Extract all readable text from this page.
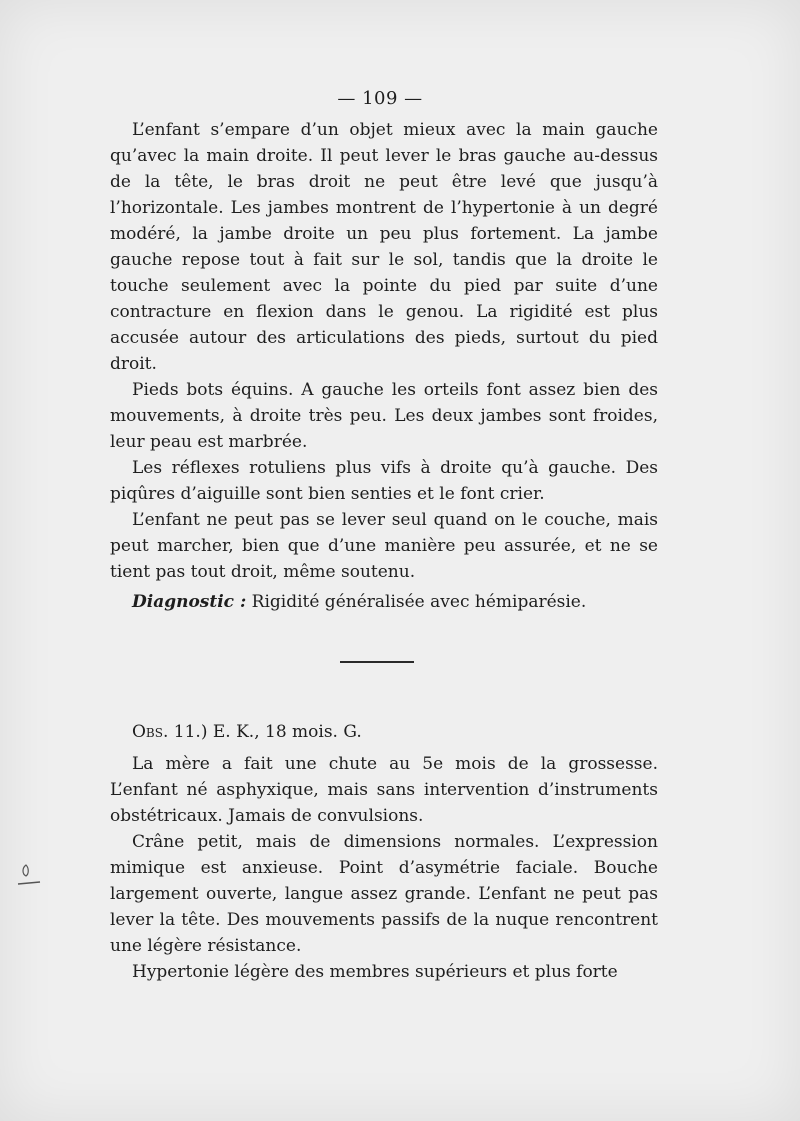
— 109 —

L’enfant s’empare d’un objet mieux avec la main gauche qu’avec la main droite. Il peut lever le bras gauche au-dessus de la tête, le bras droit ne peut être levé que jusqu’à l’horizontale. Les jambes montrent de l’hypertonie à un degré modéré, la jambe droite un peu plus fortement. La jambe gauche repose tout à fait sur le sol, tandis que la droite le touche seulement avec la pointe du pied par suite d’une contracture en flexion dans le genou. La rigidité est plus accusée autour des articulations des pieds, surtout du pied droit.

Pieds bots équins. A gauche les orteils font assez bien des mouvements, à droite très peu. Les deux jambes sont froides, leur peau est marbrée.

Les réflexes rotuliens plus vifs à droite qu’à gauche. Des piqûres d’aiguille sont bien senties et le font crier.

L’enfant ne peut pas se lever seul quand on le couche, mais peut marcher, bien que d’une manière peu assurée, et ne se tient pas tout droit, même soutenu.

Diagnostic : Rigidité généralisée avec hémiparésie.

Obs. 11.) E. K., 18 mois. G.

La mère a fait une chute au 5e mois de la grossesse. L’enfant né asphyxique, mais sans intervention d’instruments obstétricaux. Jamais de convulsions.

Crâne petit, mais de dimensions normales. L’expression mimique est anxieuse. Point d’asymétrie faciale. Bouche largement ouverte, langue assez grande. L’enfant ne peut pas lever la tête. Des mouvements passifs de la nuque rencontrent une légère résistance.

Hypertonie légère des membres supérieurs et plus forte
